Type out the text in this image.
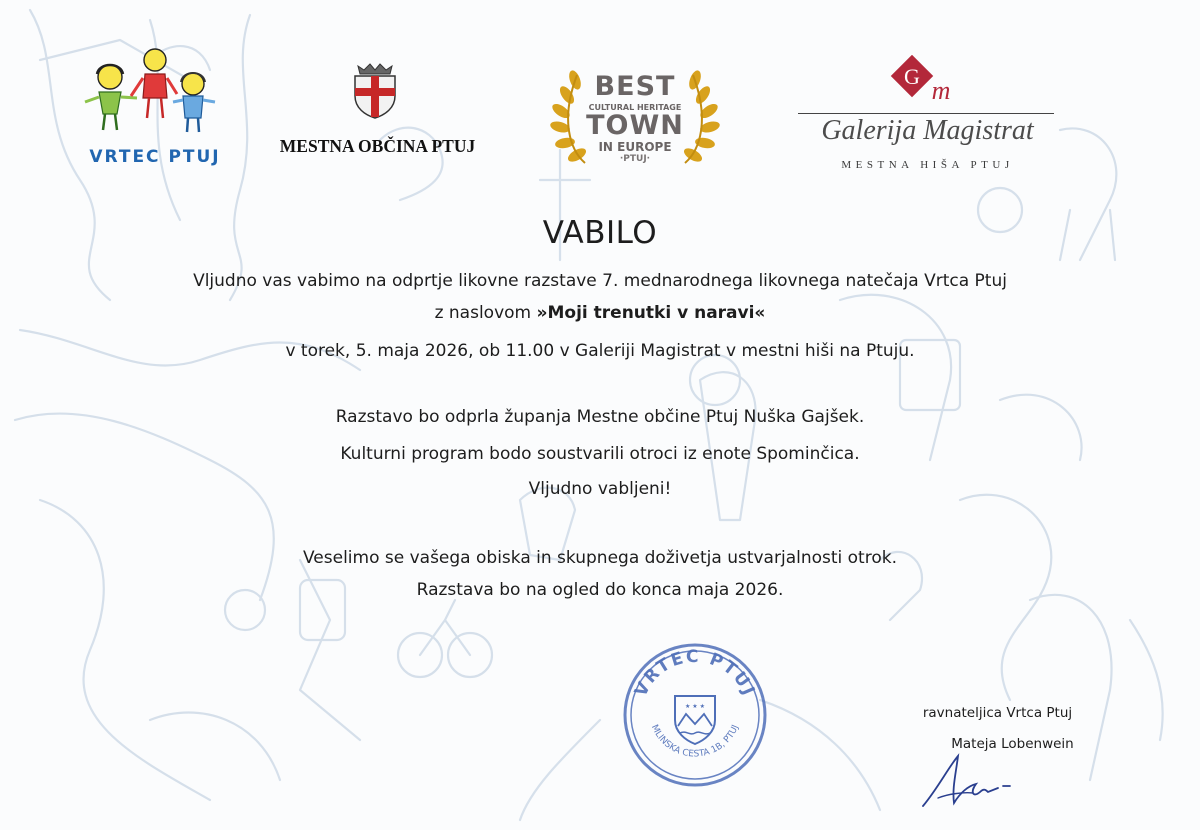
VRTEC PTUJ
MESTNA OBČINA PTUJ
BEST
CULTURAL HERITAGE
TOWN
IN EUROPE
·PTUJ·
G m
Galerija Magistrat
MESTNA HIŠA PTUJ
VABILO
Vljudno vas vabimo na odprtje likovne razstave 7. mednarodnega likovnega natečaja Vrtca Ptuj
z naslovom »Moji trenutki v naravi«
v torek, 5. maja 2026, ob 11.00 v Galeriji Magistrat v mestni hiši na Ptuju.
Razstavo bo odprla županja Mestne občine Ptuj Nuška Gajšek.
Kulturni program bodo soustvarili otroci iz enote Spominčica.
Vljudno vabljeni!
Veselimo se vašega obiska in skupnega doživetja ustvarjalnosti otrok.
Razstava bo na ogled do konca maja 2026.
VRTEC PTUJ
MLINSKA CESTA 1B, PTUJ
★ ★ ★	ravnateljica Vrtca Ptuj
Mateja Lobenwein
